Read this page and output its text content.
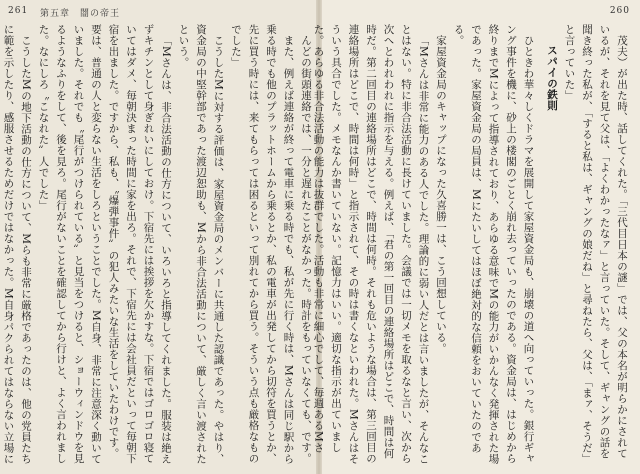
261 第五章　闇の帝王	260

んどの街頭連絡では、一分と遅れたことがなかった。時計をもっていなくても、です。

また、例えば連絡が終って電車に乗る時でも、私が先に行く時は、Mさんは同じ駅から乗る時でも他のプラットホームから乗るとか、私の電車が出発してから切符を買うとか、先に買う時には、来てもらっては困るといって別れてから買う。そういう点も厳格なものでした」

こうしたMに対する評価は、家屋資金局のメンバーに共通した認識であった。やはり、資金局の中堅幹部であった渡辺恕助も、Mから非合法活動について、厳しく言い渡されたという。

「Mさんは、非合法活動の仕方について、いろいろと指導してくれました。服装は絶えずキチンとして身ぎれいにしておけ。下宿先には挨拶を欠かすな。下宿ではゴロゴロ寝ていてはダメ、毎朝決まった時間に家を出ろ。それで、下宿先には会社員だといって毎朝下宿を出ました。ですから、私も、〝爆弾事件〟の犯人みたいな生活をしていたわけです。要は、普通の人と変らない生活をしろということでした。M自身、非常に注意深く動いていました。それでも〝尾行がつけられている〟と見当をつけると、ショーウィンドウを見るようなふりをして、後を見ろ。尾行がないことを確認してから行けと、よく言われました。なにしろ〝こなれた〟人でした」

こうしたMの地下活動の仕方について、Mらも非常に厳格であったのは、他の党員たちに範を示したり、感服させるためだけではなかった。M自身パクられてはなら​ない立場に

茂夫）が出た時、話してくれた。「三代目日本の謎」では、父の本名が明らかにされているが、それを見て父は、「よくわかったなァ」と言っていた。そして、ギャングの話を聞き終った私が、「すると私は、ギャングの娘だね」と尋ねたら、父は、「まァ、そうだ」と言っていた」

スパイの鉄則

ひときわ華々しくドラマを展開して家屋資金局も、崩壊の道へ向っていった。銀行ギャング事件を機に、砂上の楼閣のごとく崩れ去っていったのである。資金局は、はじめから終りまでMによって指導されており、あらゆる意味でMの能力がいかんなく発揮された場であった。家屋資金局の局員は、Mにたいしてはほぼ絶対的な信頼をおいていたのである。

家屋資金局のキャップになった久喜勝一は、こう回想している。

「Mさんは非常に能力のある人でした。理論的に弱い人だとは言いましたが、そんなことはない。特に非合法活動に長けていました。会議では一切メモを取るなと言い、次から次へとわれわれに指示を与える。例えば、「君の第一回目の連絡場所はどこで、時間は何時だ。第二回目の連絡場所はどこで、時間は何時。それも危いような場合は、第三回目の連絡場所はどこで、時間は何時」と指示されて、その時は書くなといわれた。Mさんはそういう具合でした。メモなんか書いていない。記憶力はいい。適切な指示が出ていました。あらゆる非合法活動の能力は抜群でした。活動も非常に細心でして、毎週あるMさ
